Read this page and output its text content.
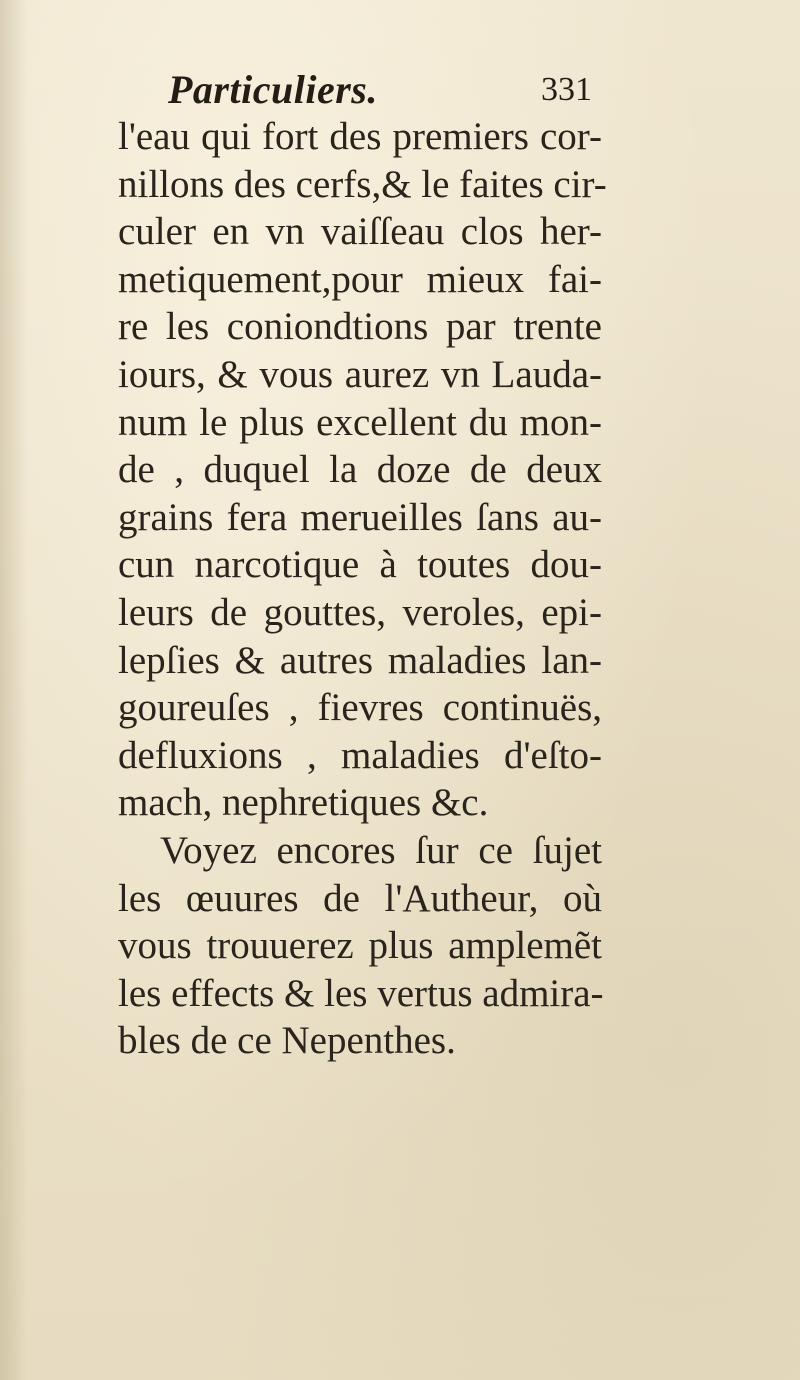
Particuliers.	331
l'eau qui fort des premiers cor-
nillons des cerfs,& le faites cir-
culer en vn vaiſſeau clos her-
metiquement,pour mieux fai-
re les coniondtions par trente
iours, & vous aurez vn Lauda-
num le plus excellent du mon-
de , duquel la doze de deux
grains fera merueilles ſans au-
cun narcotique à toutes dou-
leurs de gouttes, veroles, epi-
lepſies & autres maladies lan-
goureuſes , fievres continuës,
defluxions , maladies d'eſto-
mach, nephretiques &c.
Voyez encores ſur ce ſujet
les œuures de l'Autheur, où
vous trouuerez plus amplemẽt
les effects & les vertus admira-
bles de ce Nepenthes.
